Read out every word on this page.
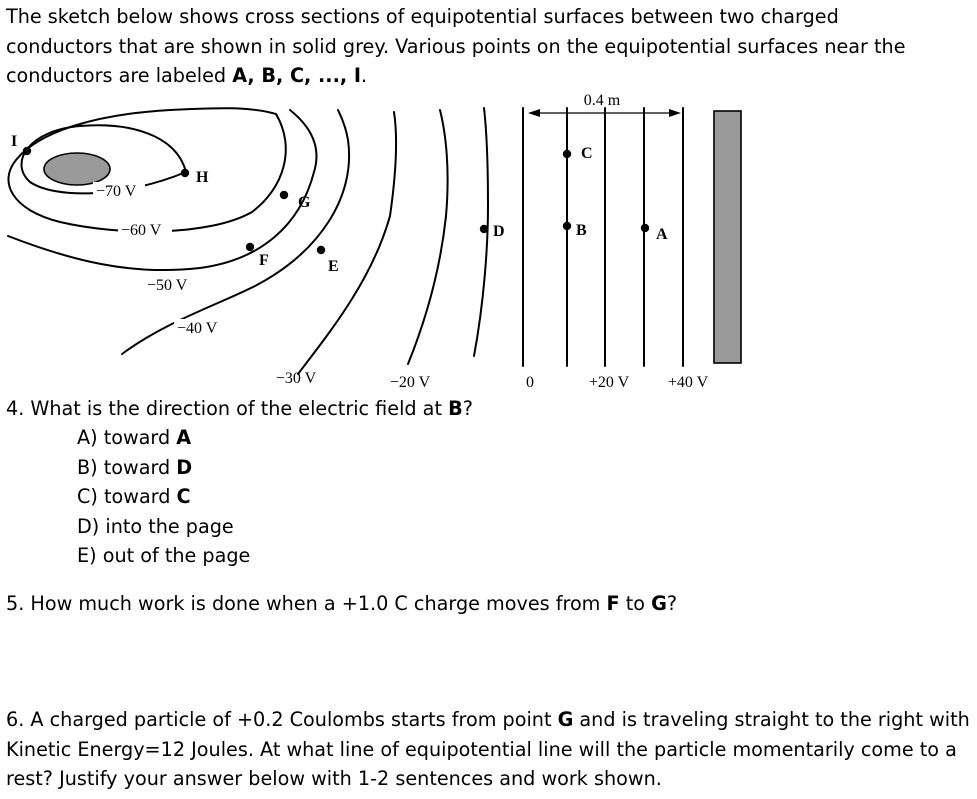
The sketch below shows cross sections of equipotential surfaces between two charged
conductors that are shown in solid grey. Various points on the equipotential surfaces near the
conductors are labeled A, B, C, ..., I.
0.4 m
A
B
C
D
E
F
G
H
I
−70 V
−60 V
−50 V
−40 V
−30 V	−20 V	0	+20 V +40 V
4. What is the direction of the electric field at B?
A) toward A
B) toward D
C) toward C
D) into the page
E) out of the page
5. How much work is done when a +1.0 C charge moves from F to G?
6. A charged particle of +0.2 Coulombs starts from point G and is traveling straight to the right with Kinetic Energy=12 Joules. At what line of equipotential line will the particle momentarily come to a rest? Justify your answer below with 1-2 sentences and work shown.
